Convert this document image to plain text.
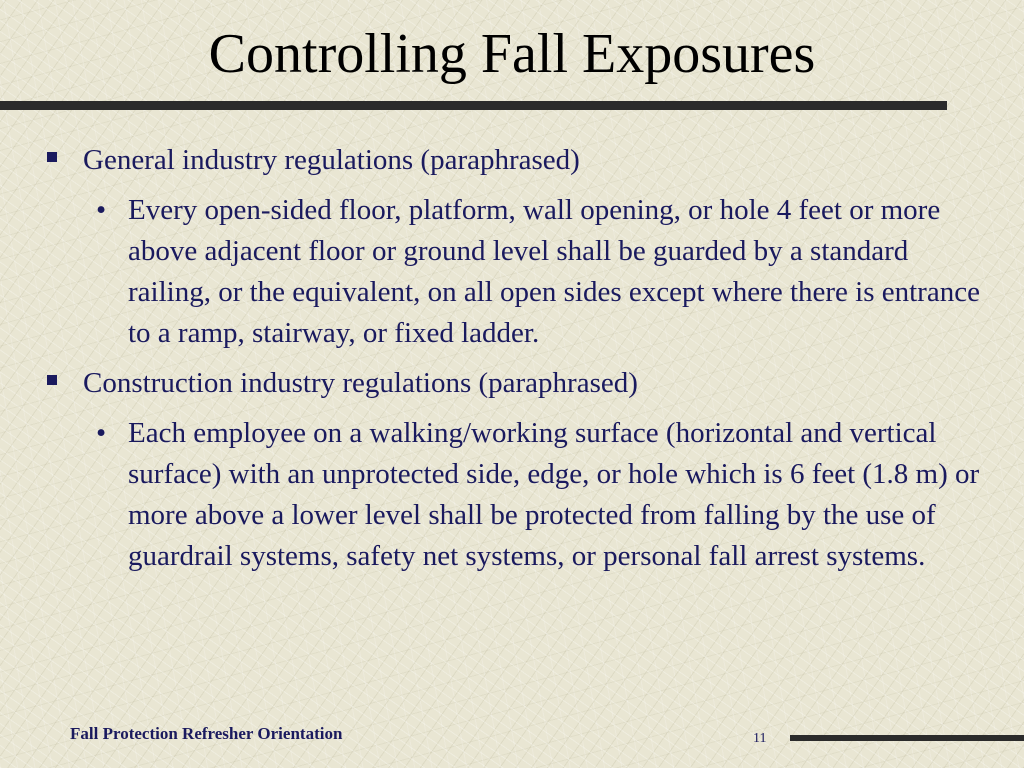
Controlling Fall Exposures
General industry regulations (paraphrased)
• Every open-sided floor, platform, wall opening, or hole 4 feet or more above adjacent floor or ground level shall be guarded by a standard railing, or the equivalent, on all open sides except where there is entrance to a ramp, stairway, or fixed ladder.
Construction industry regulations (paraphrased)
• Each employee on a walking/working surface (horizontal and vertical surface) with an unprotected side, edge, or hole which is 6 feet (1.8 m) or more above a lower level shall be protected from falling by the use of guardrail systems, safety net systems, or personal fall arrest systems.
Fall Protection Refresher Orientation	11
